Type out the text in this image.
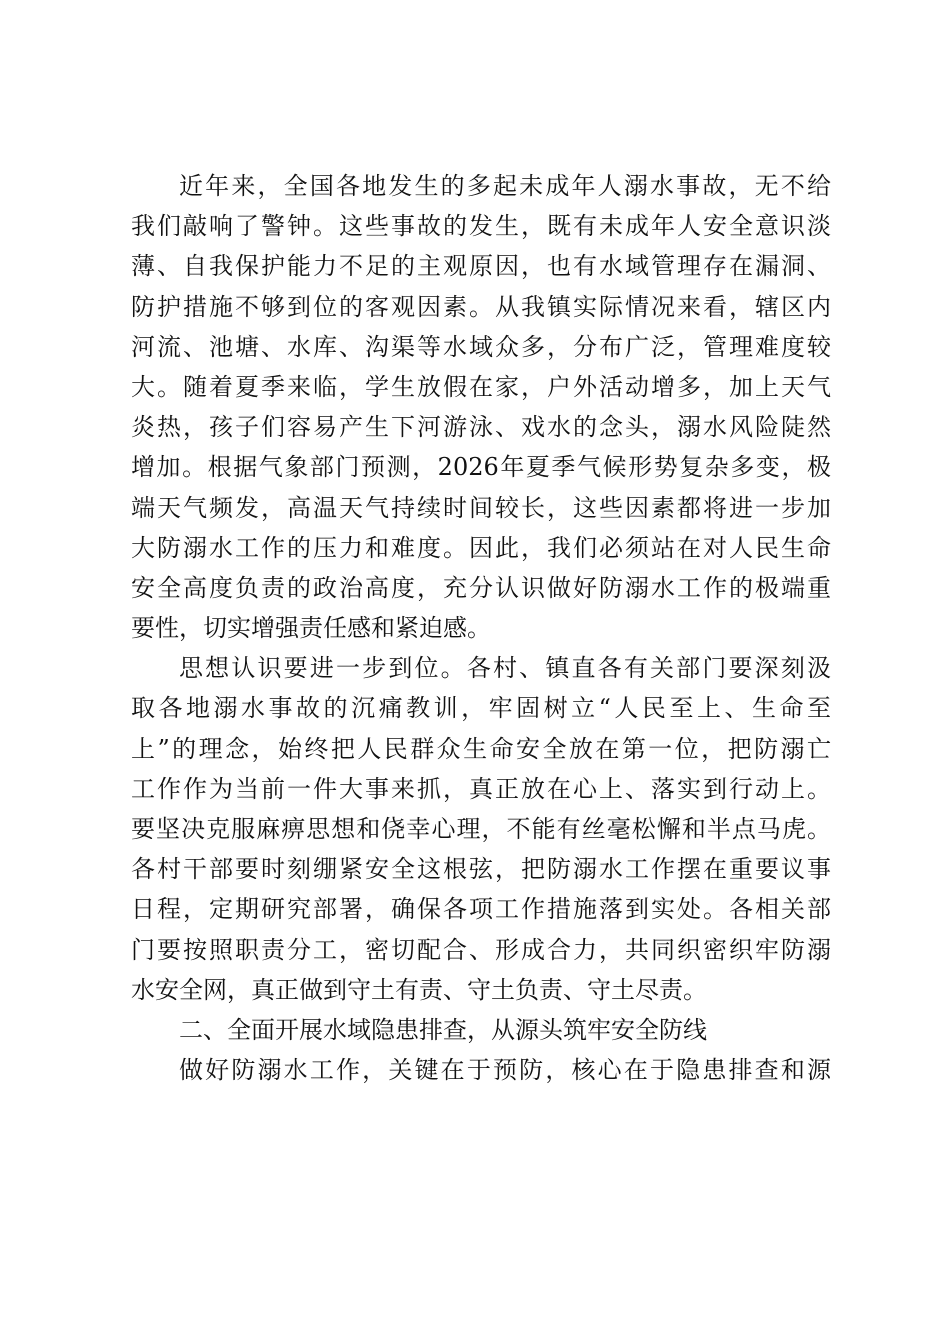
近年来，全国各地发生的多起未成年人溺水事故，无不给
我们敲响了警钟。这些事故的发生，既有未成年人安全意识淡
薄、自我保护能力不足的主观原因，也有水域管理存在漏洞、
防护措施不够到位的客观因素。从我镇实际情况来看，辖区内
河流、池塘、水库、沟渠等水域众多，分布广泛，管理难度较
大。随着夏季来临，学生放假在家，户外活动增多，加上天气
炎热，孩子们容易产生下河游泳、戏水的念头，溺水风险陡然
增加。根据气象部门预测，2026年夏季气候形势复杂多变，极
端天气频发，高温天气持续时间较长，这些因素都将进一步加
大防溺水工作的压力和难度。因此，我们必须站在对人民生命
安全高度负责的政治高度，充分认识做好防溺水工作的极端重
要性，切实增强责任感和紧迫感。
思想认识要进一步到位。各村、镇直各有关部门要深刻汲
取各地溺水事故的沉痛教训，牢固树立“人民至上、生命至
上”的理念，始终把人民群众生命安全放在第一位，把防溺亡
工作作为当前一件大事来抓，真正放在心上、落实到行动上。
要坚决克服麻痹思想和侥幸心理，不能有丝毫松懈和半点马虎。
各村干部要时刻绷紧安全这根弦，把防溺水工作摆在重要议事
日程，定期研究部署，确保各项工作措施落到实处。各相关部
门要按照职责分工，密切配合、形成合力，共同织密织牢防溺
水安全网，真正做到守土有责、守土负责、守土尽责。
二、全面开展水域隐患排查，从源头筑牢安全防线
做好防溺水工作，关键在于预防，核心在于隐患排查和源
